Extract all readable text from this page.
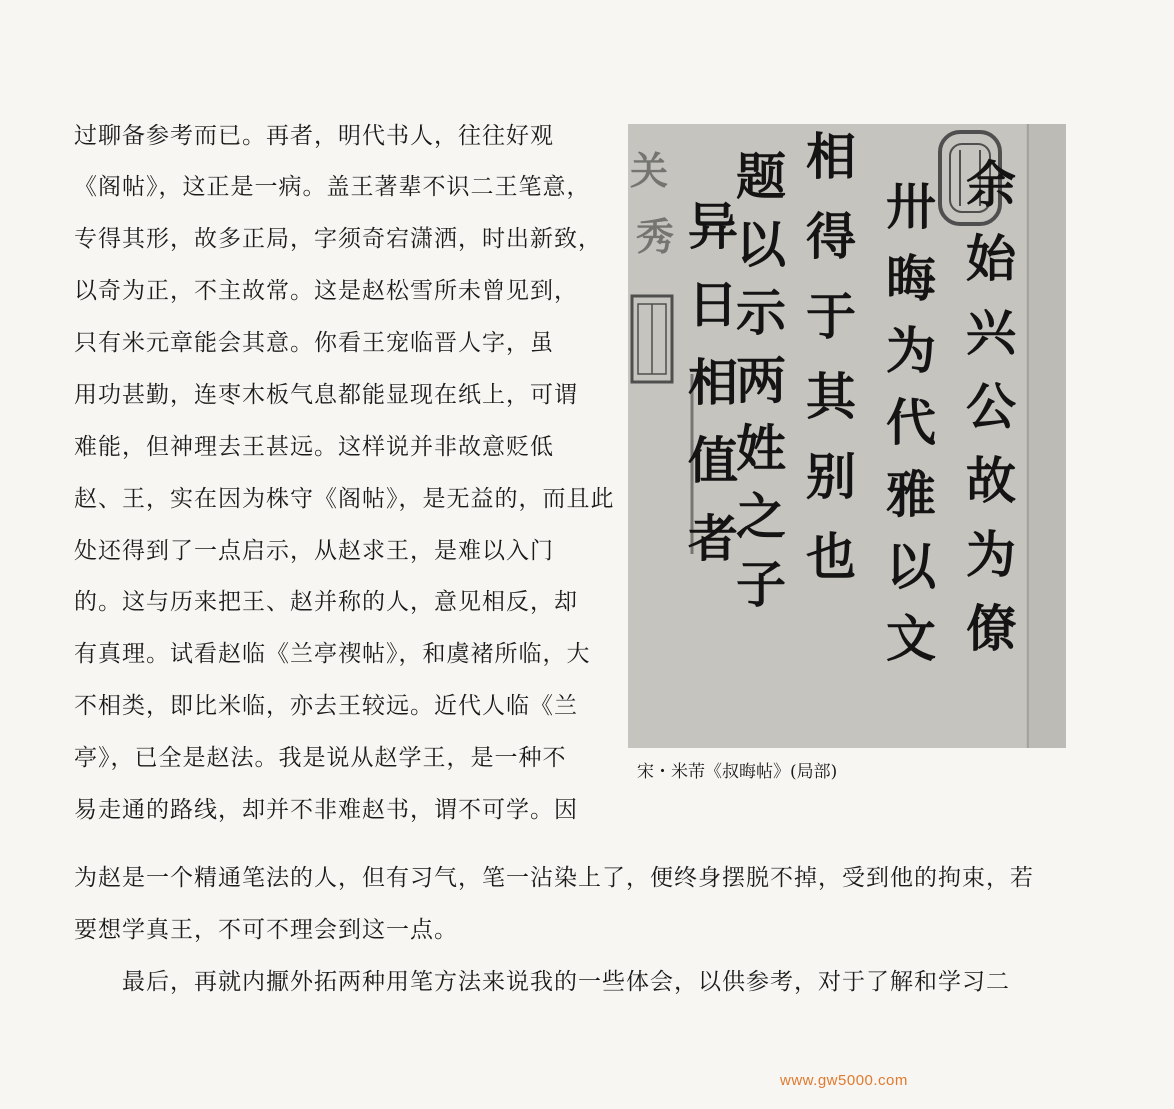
过聊备参考而已。再者，明代书人，往往好观
《阁帖》，这正是一病。盖王著辈不识二王笔意，
专得其形，故多正局，字须奇宕潇洒，时出新致，
以奇为正，不主故常。这是赵松雪所未曾见到，
只有米元章能会其意。你看王宠临晋人字，虽
用功甚勤，连枣木板气息都能显现在纸上，可谓
难能，但神理去王甚远。这样说并非故意贬低
赵、王，实在因为株守《阁帖》，是无益的，而且此
处还得到了一点启示，从赵求王，是难以入门
的。这与历来把王、赵并称的人，意见相反，却
有真理。试看赵临《兰亭禊帖》，和虞褚所临，大
不相类，即比米临，亦去王较远。近代人临《兰
亭》，已全是赵法。我是说从赵学王，是一种不
易走通的路线，却并不非难赵书，谓不可学。因
为赵是一个精通笔法的人，但有习气，笔一沾染上了，便终身摆脱不掉，受到他的拘束，若
要想学真王，不可不理会到这一点。
　　最后，再就内擫外拓两种用笔方法来说我的一些体会，以供参考，对于了解和学习二
关
秀
余始兴公故为僚
卅晦为代雅以文
相得于其别也
题以示两姓之子
异日相值者
宋・米芾《叔晦帖》(局部)
www.gw5000.com
